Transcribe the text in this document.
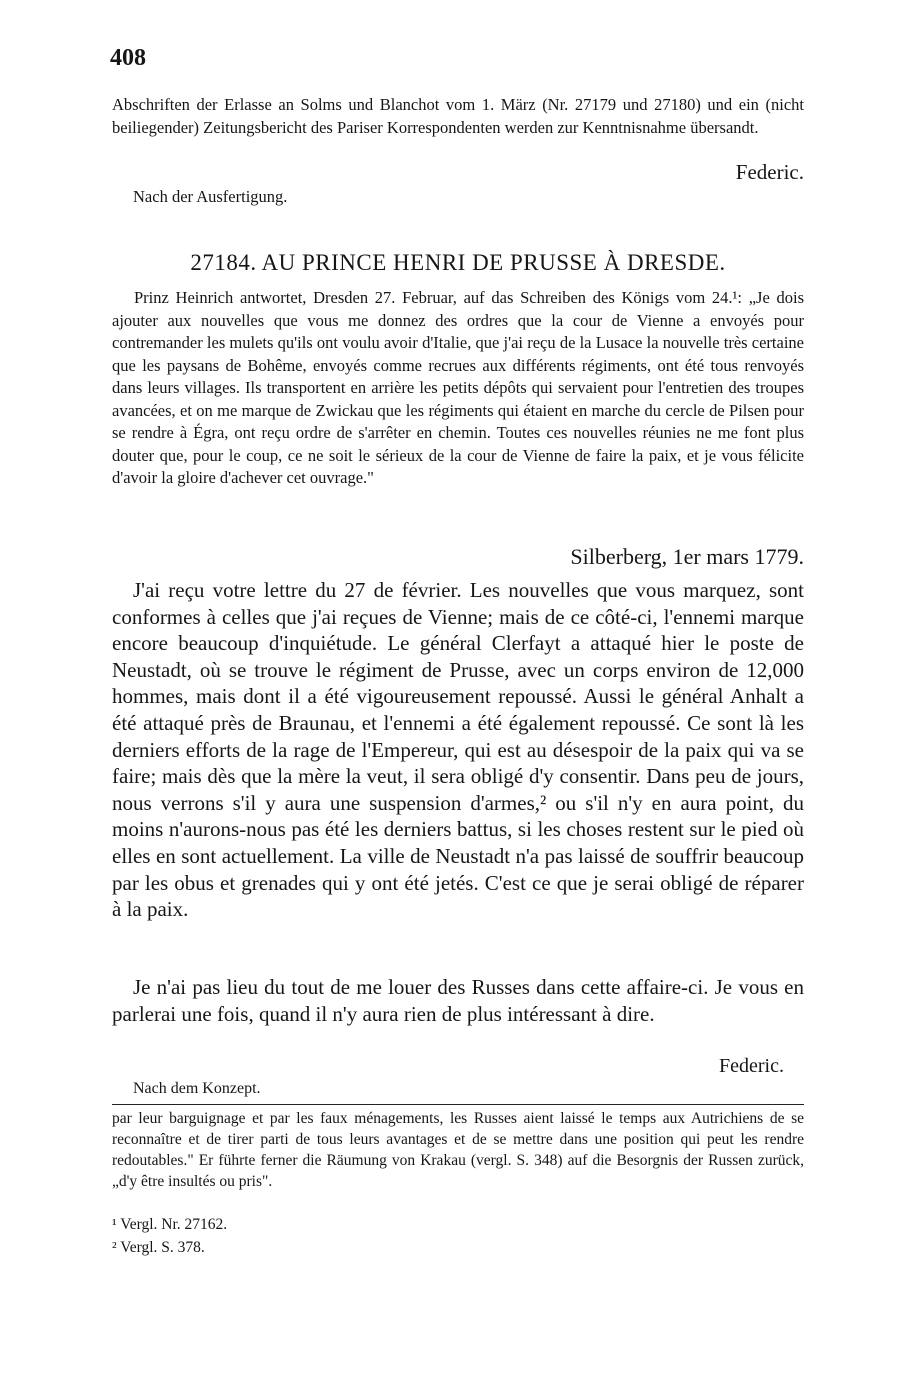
408

Abschriften der Erlasse an Solms und Blanchot vom 1. März (Nr. 27179 und 27180) und ein (nicht beiliegender) Zeitungsbericht des Pariser Korrespondenten werden zur Kenntnisnahme übersandt.

Federic.
Nach der Ausfertigung.
27184. AU PRINCE HENRI DE PRUSSE À DRESDE.

Prinz Heinrich antwortet, Dresden 27. Februar, auf das Schreiben des Königs vom 24.¹: „Je dois ajouter aux nouvelles que vous me donnez des ordres que la cour de Vienne a envoyés pour contremander les mulets qu'ils ont voulu avoir d'Italie, que j'ai reçu de la Lusace la nouvelle très certaine que les paysans de Bohême, envoyés comme recrues aux différents régiments, ont été tous renvoyés dans leurs villages. Ils transportent en arrière les petits dépôts qui servaient pour l'entretien des troupes avancées, et on me marque de Zwickau que les régiments qui étaient en marche du cercle de Pilsen pour se rendre à Égra, ont reçu ordre de s'arrêter en chemin. Toutes ces nouvelles réunies ne me font plus douter que, pour le coup, ce ne soit le sérieux de la cour de Vienne de faire la paix, et je vous félicite d'avoir la gloire d'achever cet ouvrage."

Silberberg, 1er mars 1779.

J'ai reçu votre lettre du 27 de février. Les nouvelles que vous marquez, sont conformes à celles que j'ai reçues de Vienne; mais de ce côté-ci, l'ennemi marque encore beaucoup d'inquiétude. Le général Clerfayt a attaqué hier le poste de Neustadt, où se trouve le régiment de Prusse, avec un corps environ de 12,000 hommes, mais dont il a été vigoureusement repoussé. Aussi le général Anhalt a été attaqué près de Braunau, et l'ennemi a été également repoussé. Ce sont là les derniers efforts de la rage de l'Empereur, qui est au désespoir de la paix qui va se faire; mais dès que la mère la veut, il sera obligé d'y consentir. Dans peu de jours, nous verrons s'il y aura une suspension d'armes,² ou s'il n'y en aura point, du moins n'aurons-nous pas été les derniers battus, si les choses restent sur le pied où elles en sont actuellement. La ville de Neustadt n'a pas laissé de souffrir beaucoup par les obus et grenades qui y ont été jetés. C'est ce que je serai obligé de réparer à la paix.

Je n'ai pas lieu du tout de me louer des Russes dans cette affaire-ci. Je vous en parlerai une fois, quand il n'y aura rien de plus intéressant à dire.

Federic.
Nach dem Konzept.

par leur barguignage et par les faux ménagements, les Russes aient laissé le temps aux Autrichiens de se reconnaître et de tirer parti de tous leurs avantages et de se mettre dans une position qui peut les rendre redoutables." Er führte ferner die Räumung von Krakau (vergl. S. 348) auf die Besorgnis der Russen zurück, „d'y être insultés ou pris".

¹ Vergl. Nr. 27162.
² Vergl. S. 378.
